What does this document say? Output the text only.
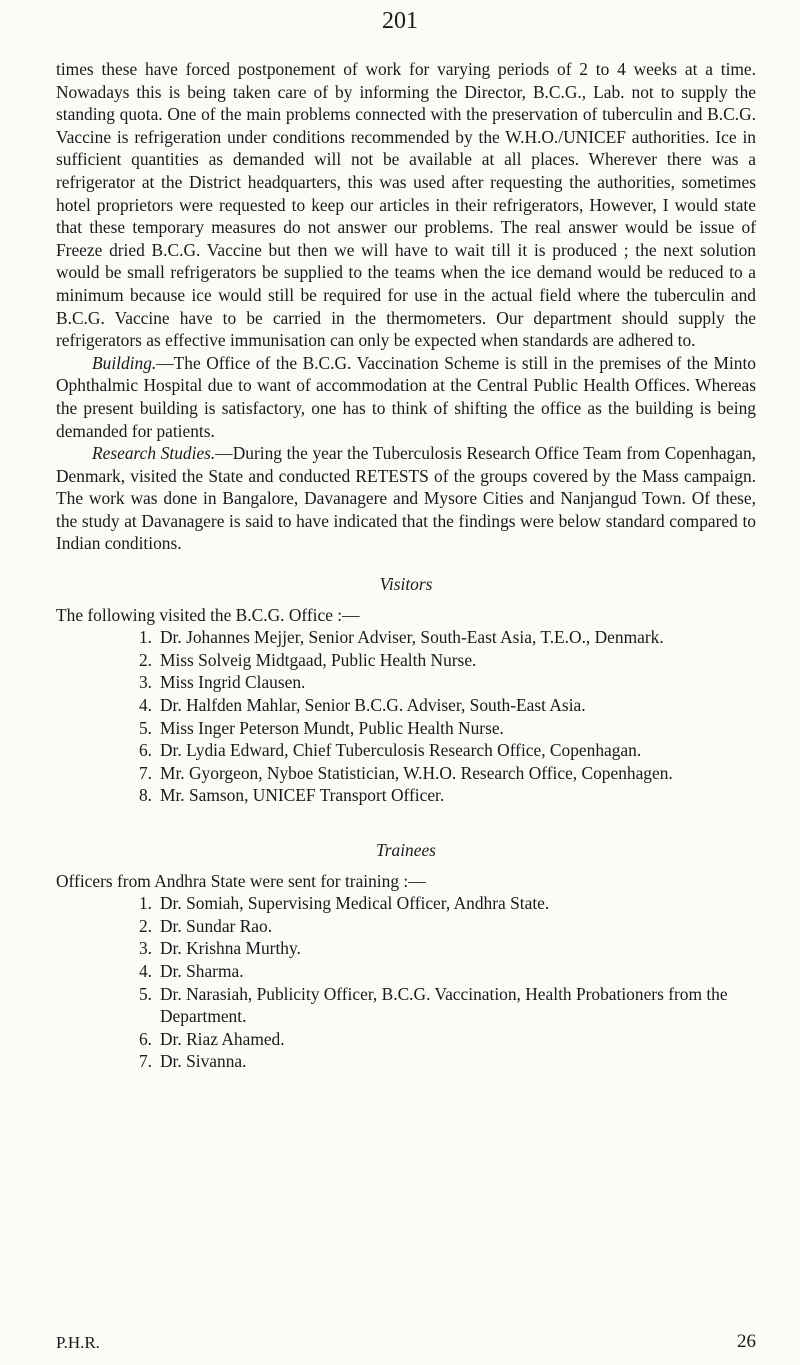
201

times these have forced postponement of work for varying periods of 2 to 4 weeks at a time. Nowadays this is being taken care of by informing the Director, B.C.G., Lab. not to supply the standing quota. One of the main problems connected with the preservation of tuberculin and B.C.G. Vaccine is refrigeration under conditions recommended by the W.H.O./UNICEF authorities. Ice in sufficient quantities as demanded will not be available at all places. Wherever there was a refrigerator at the District headquarters, this was used after requesting the authorities, sometimes hotel proprietors were requested to keep our articles in their refrigerators, However, I would state that these temporary measures do not answer our problems. The real answer would be issue of Freeze dried B.C.G. Vaccine but then we will have to wait till it is produced ; the next solution would be small refrigerators be supplied to the teams when the ice demand would be reduced to a minimum because ice would still be required for use in the actual field where the tuberculin and B.C.G. Vaccine have to be carried in the thermometers. Our department should supply the refrigerators as effective immunisation can only be expected when standards are adhered to.

Building.—The Office of the B.C.G. Vaccination Scheme is still in the premises of the Minto Ophthalmic Hospital due to want of accommodation at the Central Public Health Offices. Whereas the present building is satisfactory, one has to think of shifting the office as the building is being demanded for patients.

Research Studies.—During the year the Tuberculosis Research Office Team from Copenhagan, Denmark, visited the State and conducted RETESTS of the groups covered by the Mass campaign. The work was done in Bangalore, Davanagere and Mysore Cities and Nanjangud Town. Of these, the study at Davanagere is said to have indicated that the findings were below standard compared to Indian conditions.

Visitors

The following visited the B.C.G. Office :—

1. Dr. Johannes Mejjer, Senior Adviser, South-East Asia, T.E.O., Denmark.
2. Miss Solveig Midtgaad, Public Health Nurse.
3. Miss Ingrid Clausen.
4. Dr. Halfden Mahlar, Senior B.C.G. Adviser, South-East Asia.
5. Miss Inger Peterson Mundt, Public Health Nurse.
6. Dr. Lydia Edward, Chief Tuberculosis Research Office, Copenhagan.
7. Mr. Gyorgeon, Nyboe Statistician, W.H.O. Research Office, Copenhagen.
8. Mr. Samson, UNICEF Transport Officer.
Trainees

Officers from Andhra State were sent for training :—

1. Dr. Somiah, Supervising Medical Officer, Andhra State.
2. Dr. Sundar Rao.
3. Dr. Krishna Murthy.
4. Dr. Sharma.
5. Dr. Narasiah, Publicity Officer, B.C.G. Vaccination, Health Probationers from the Department.
6. Dr. Riaz Ahamed.
7. Dr. Sivanna.
P.H.R.	26
